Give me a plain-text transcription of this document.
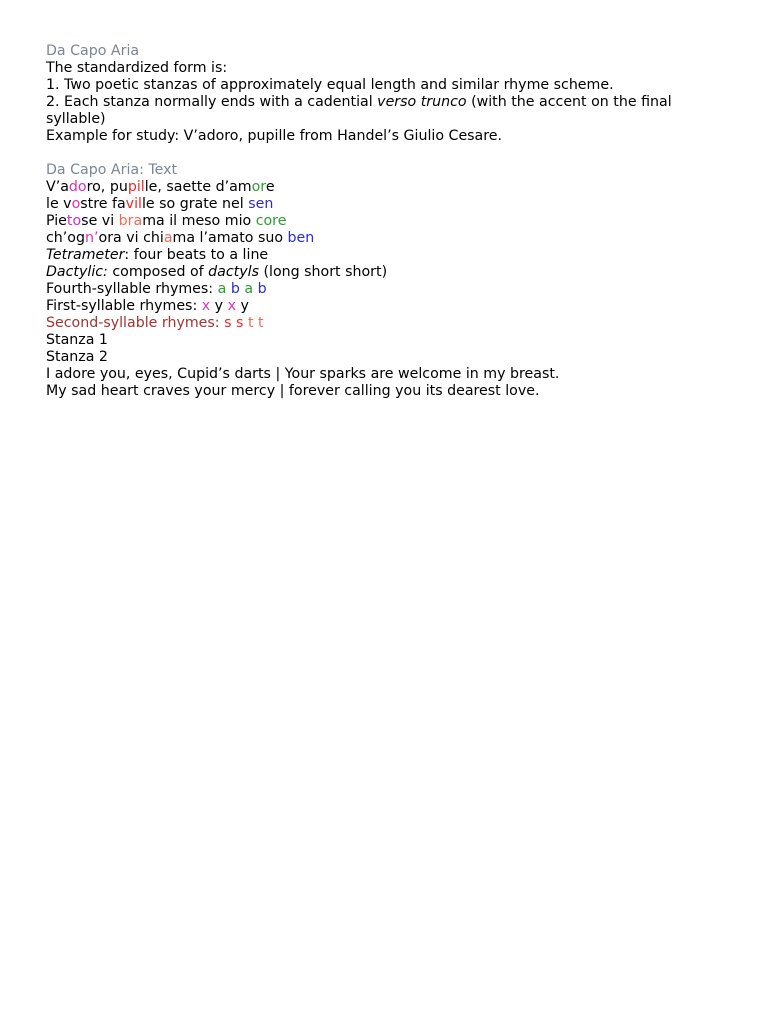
Da Capo Aria
The standardized form is:
1. Two poetic stanzas of approximately equal length and similar rhyme scheme.
2. Each stanza normally ends with a cadential verso trunco (with the accent on the final syllable)
Example for study: V’adoro, pupille from Handel’s Giulio Cesare.
Da Capo Aria: Text
V’adoro, pupille, saette d’amore
le vostre faville so grate nel sen
Pietose vi brama il meso mio core
ch’ogn’ora vi chiama l’amato suo ben
Tetrameter: four beats to a line
Dactylic: composed of dactyls (long short short)
Fourth-syllable rhymes: a b a b
First-syllable rhymes: x y x y
Second-syllable rhymes: s s t t
Stanza 1
Stanza 2
I adore you, eyes, Cupid’s darts | Your sparks are welcome in my breast.
My sad heart craves your mercy | forever calling you its dearest love.
